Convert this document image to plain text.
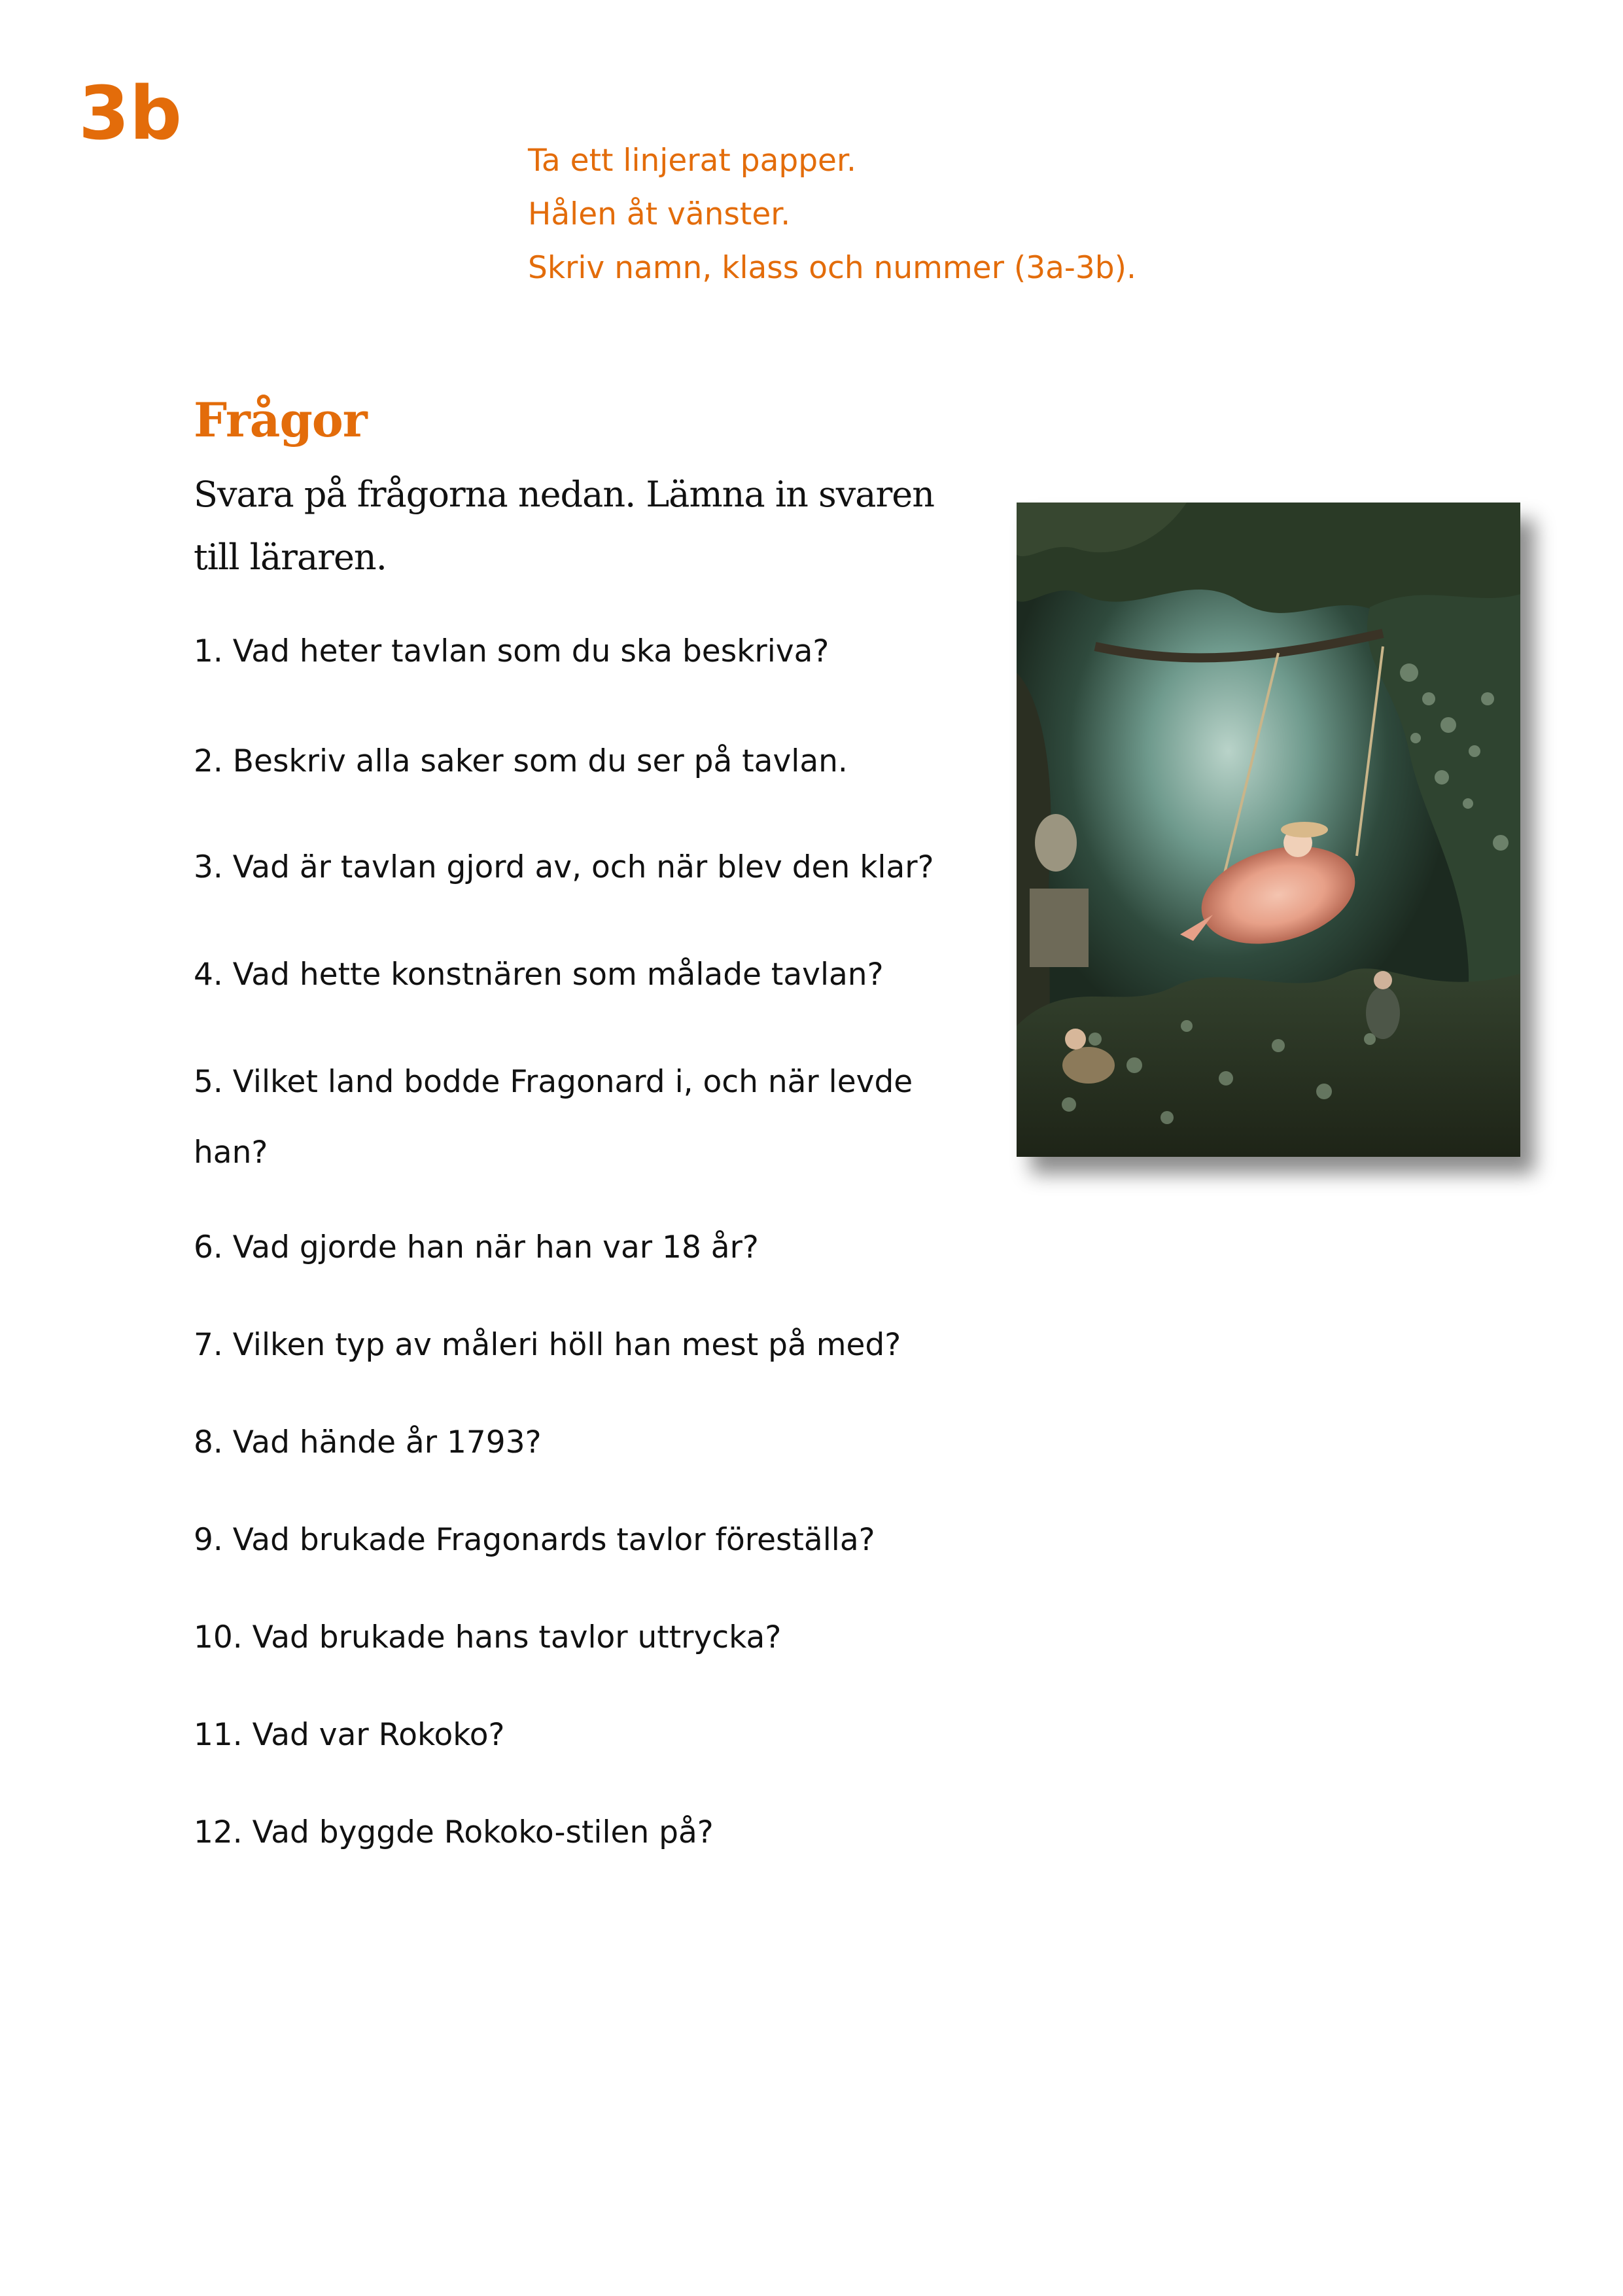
3b
Ta ett linjerat papper.
Hålen åt vänster.
Skriv namn, klass och nummer (3a-3b).
Frågor

Svara på frågorna nedan. Lämna in svaren till läraren.

1. Vad heter tavlan som du ska beskriva?
2. Beskriv alla saker som du ser på tavlan.
3. Vad är tavlan gjord av, och när blev den klar?
4. Vad hette konstnären som målade tavlan?
5. Vilket land bodde Fragonard i, och när levde han?
6. Vad gjorde han när han var 18 år?
7. Vilken typ av måleri höll han mest på med?
8. Vad hände år 1793?
9. Vad brukade Fragonards tavlor föreställa?
10. Vad brukade hans tavlor uttrycka?
11. Vad var Rokoko?
12. Vad byggde Rokoko-stilen på?
